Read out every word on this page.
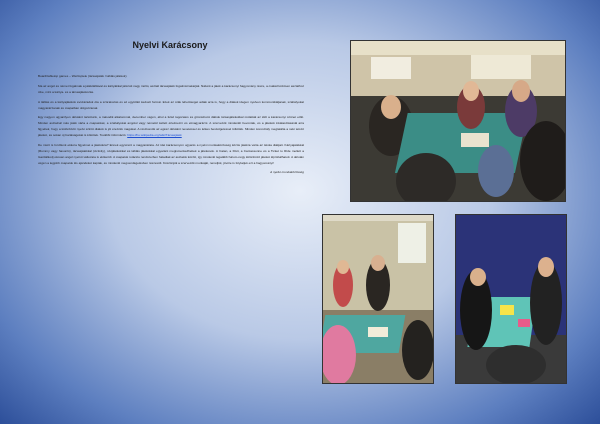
Nyelvi Karácsony

Board/tabletop games – Werttspiele (társasjáték / táblás játékok)

Ma az angol és német fogalmak a játéktáblával és kártyákkal játszott nagy múltú, asztali társasjáték fogalmát takarják. Nálunk a játék a karácsonyi hagyomány része, a család közösen asztalhoz ülve, mint a kártya- és a társasjátékozás.

A táblás és a kártyajátékok évszázadok óta a szórakozás és az együttlét kedvelt formái. Ezek az órák lehetőséget adtak arra is, hogy a diákok idegen nyelven kommunikáljanak, szabályokat magyarázzanak és csapatban dolgozzanak.

Egy nagyon ugyanilyen délutánt tartottunk, a második alkalommal, december végén, ahol a felső tagozatos és gimnáziumi diákok társasjátékokkal múlatták az időt a karácsonyi szünet előtt. Minden asztalnál más játék várta a csapatokat, a szabályokat angolul vagy németül kellett értelmezni és elmagyarázni. A szervezők mindenkit bevontak, és a játékok kiválasztásánál arra figyeltek, hogy a különböző nyelvi szintű diákok is jól érezzék magukat. A résztvevők az egész délutánt nevetéssel és lelkes beszélgetéssel töltötték. Minden korosztály megtalálta a neki tetsző játékot, és sokan új barátságokat is kötöttek. További információ: https://hu.wikipedia.org/wiki/Társasjáték

De miért is fordítunk ekkora figyelmet a játékokra? Ennek egyszerű a magyarázata. Az idei karácsonyon ugyanis a nyelvi munkaközösség közös játékra várta az iskola diákjait. Kártyajátékkal (Rummy vagy hasonló), társasjátékkal (Activity), szójátékokkal és táblás játékokkal egyaránt megismerkedhettek a játékosok. A Catan, a Dixit, a Carcassonne és a Ticket to Ride mellett a Gazdálkodj okosan angol nyelvű változata is előkerült. A csapatok rotációs rendszerben haladtak az asztalok között, így mindenki legalább három-négy különböző játékot kipróbálhatott. A délután végén a legjobb csapatok kis ajándékot kaptak, és mindenki megvendégelésben részesült. Köszönjük a szervezők munkáját, reméljük, jövőre is folytatjuk ezt a hagyományt!

A nyelvi munkaközösség
